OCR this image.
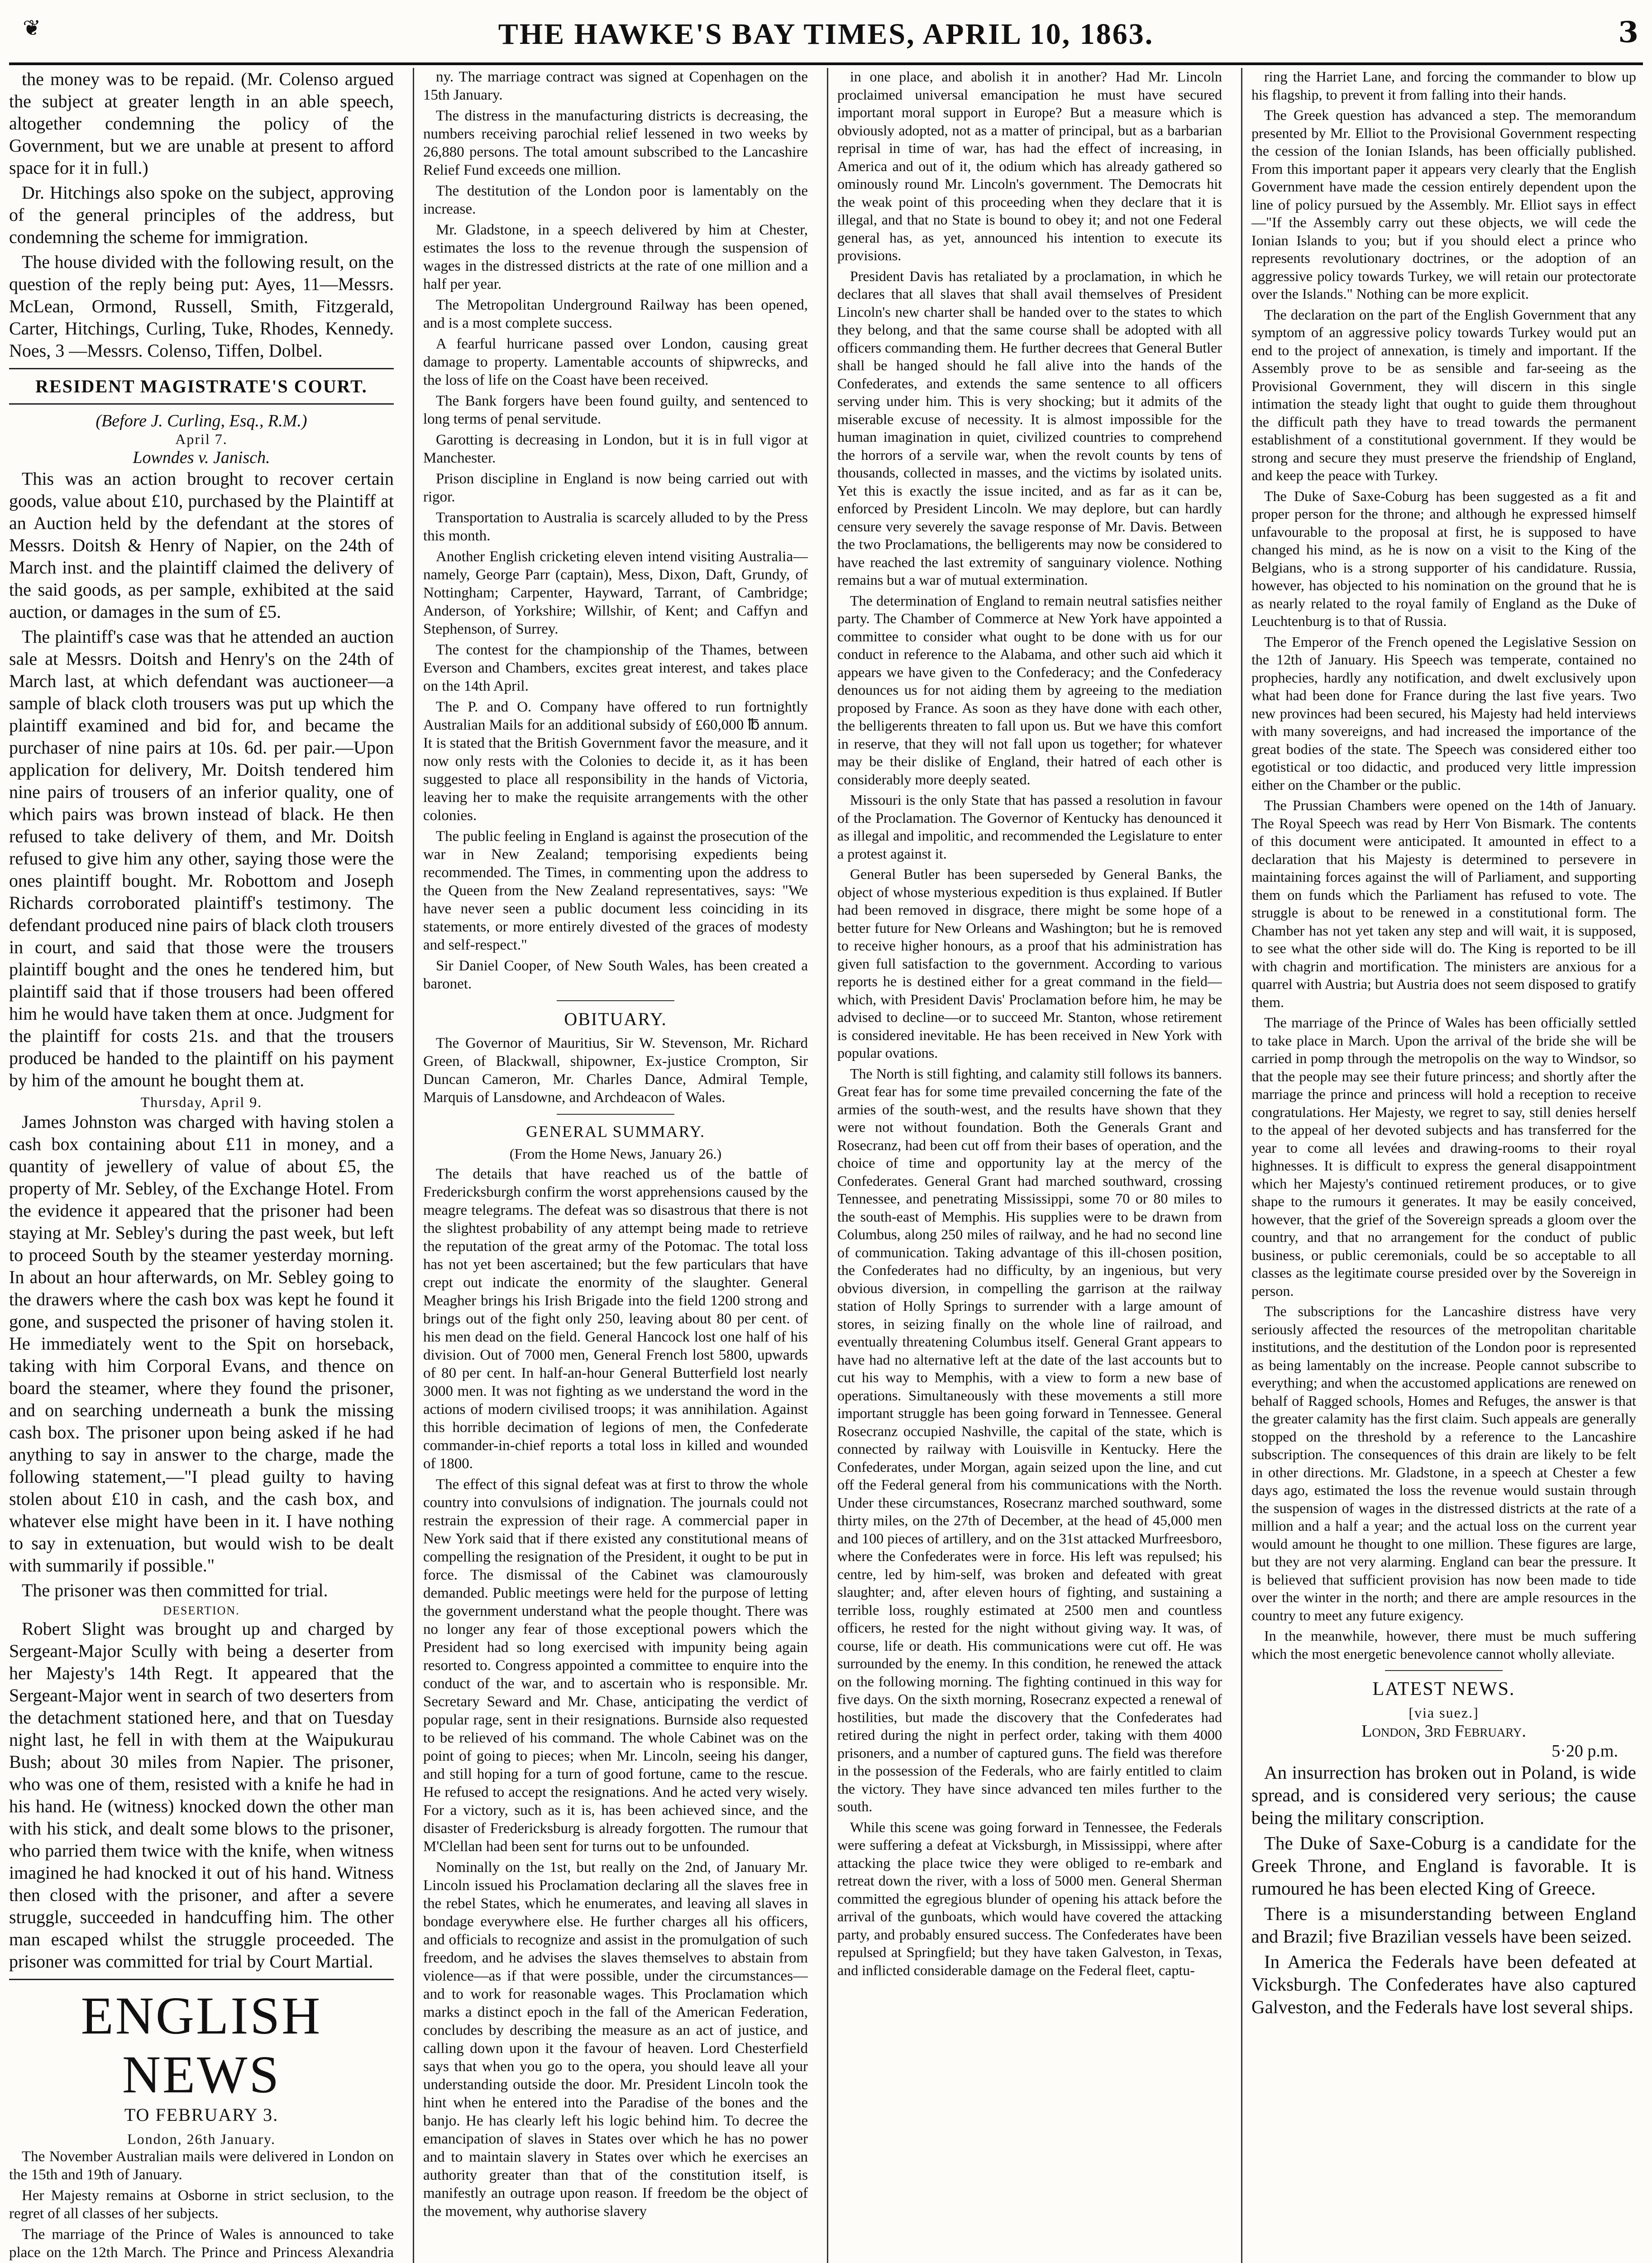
❦	THE HAWKE'S BAY TIMES, APRIL 10, 1863.	3

the money was to be repaid. (Mr. Colenso argued the subject at greater length in an able speech, altogether condemning the policy of the Government, but we are unable at present to afford space for it in full.)

Dr. Hitchings also spoke on the subject, approving of the general principles of the address, but condemning the scheme for immigration.

The house divided with the following result, on the question of the reply being put: Ayes, 11—Messrs. McLean, Ormond, Russell, Smith, Fitzgerald, Carter, Hitchings, Curling, Tuke, Rhodes, Kennedy. Noes, 3 —Messrs. Colenso, Tiffen, Dolbel.

RESIDENT MAGISTRATE'S COURT.
(Before J. Curling, Esq., R.M.)
April 7.
Lowndes v. Janisch.

This was an action brought to recover certain goods, value about £10, purchased by the Plaintiff at an Auction held by the defendant at the stores of Messrs. Doitsh & Henry of Napier, on the 24th of March inst. and the plaintiff claimed the delivery of the said goods, as per sample, exhibited at the said auction, or damages in the sum of £5.

The plaintiff's case was that he attended an auction sale at Messrs. Doitsh and Henry's on the 24th of March last, at which defendant was auctioneer—a sample of black cloth trousers was put up which the plaintiff examined and bid for, and became the purchaser of nine pairs at 10s. 6d. per pair.—Upon application for delivery, Mr. Doitsh tendered him nine pairs of trousers of an inferior quality, one of which pairs was brown instead of black. He then refused to take delivery of them, and Mr. Doitsh refused to give him any other, saying those were the ones plaintiff bought. Mr. Robottom and Joseph Richards corroborated plaintiff's testimony. The defendant produced nine pairs of black cloth trousers in court, and said that those were the trousers plaintiff bought and the ones he tendered him, but plaintiff said that if those trousers had been offered him he would have taken them at once. Judgment for the plaintiff for costs 21s. and that the trousers produced be handed to the plaintiff on his payment by him of the amount he bought them at.

Thursday, April 9.

James Johnston was charged with having stolen a cash box containing about £11 in money, and a quantity of jewellery of value of about £5, the property of Mr. Sebley, of the Exchange Hotel. From the evidence it appeared that the prisoner had been staying at Mr. Sebley's during the past week, but left to proceed South by the steamer yesterday morning. In about an hour afterwards, on Mr. Sebley going to the drawers where the cash box was kept he found it gone, and suspected the prisoner of having stolen it. He immediately went to the Spit on horseback, taking with him Corporal Evans, and thence on board the steamer, where they found the prisoner, and on searching underneath a bunk the missing cash box. The prisoner upon being asked if he had anything to say in answer to the charge, made the following statement,—"I plead guilty to having stolen about £10 in cash, and the cash box, and whatever else might have been in it. I have nothing to say in extenuation, but would wish to be dealt with summarily if possible."

The prisoner was then committed for trial.

DESERTION.

Robert Slight was brought up and charged by Sergeant-Major Scully with being a deserter from her Majesty's 14th Regt. It appeared that the Sergeant-Major went in search of two deserters from the detachment stationed here, and that on Tuesday night last, he fell in with them at the Waipukurau Bush; about 30 miles from Napier. The prisoner, who was one of them, resisted with a knife he had in his hand. He (witness) knocked down the other man with his stick, and dealt some blows to the prisoner, who parried them twice with the knife, when witness imagined he had knocked it out of his hand. Witness then closed with the prisoner, and after a severe struggle, succeeded in handcuffing him. The other man escaped whilst the struggle proceeded. The prisoner was committed for trial by Court Martial.

ENGLISH NEWS
TO FEBRUARY 3.
London, 26th January.

The November Australian mails were delivered in London on the 15th and 19th of January.

Her Majesty remains at Osborne in strict seclusion, to the regret of all classes of her subjects.

The marriage of the Prince of Wales is announced to take place on the 12th March. The Prince and Princess Alexandria

ny. The marriage contract was signed at Copenhagen on the 15th January.

The distress in the manufacturing districts is decreasing, the numbers receiving parochial relief lessened in two weeks by 26,880 persons. The total amount subscribed to the Lancashire Relief Fund exceeds one million.

The destitution of the London poor is lamentably on the increase.

Mr. Gladstone, in a speech delivered by him at Chester, estimates the loss to the revenue through the suspension of wages in the distressed districts at the rate of one million and a half per year.

The Metropolitan Underground Railway has been opened, and is a most complete success.

A fearful hurricane passed over London, causing great damage to property. Lamentable accounts of shipwrecks, and the loss of life on the Coast have been received.

The Bank forgers have been found guilty, and sentenced to long terms of penal servitude.

Garotting is decreasing in London, but it is in full vigor at Manchester.

Prison discipline in England is now being carried out with rigor.

Transportation to Australia is scarcely alluded to by the Press this month.

Another English cricketing eleven intend visiting Australia—namely, George Parr (captain), Mess, Dixon, Daft, Grundy, of Nottingham; Carpenter, Hayward, Tarrant, of Cambridge; Anderson, of Yorkshire; Willshir, of Kent; and Caffyn and Stephenson, of Surrey.

The contest for the championship of the Thames, between Everson and Chambers, excites great interest, and takes place on the 14th April.

The P. and O. Company have offered to run fortnightly Australian Mails for an additional subsidy of £60,000 ℔ annum. It is stated that the British Government favor the measure, and it now only rests with the Colonies to decide it, as it has been suggested to place all responsibility in the hands of Victoria, leaving her to make the requisite arrangements with the other colonies.

The public feeling in England is against the prosecution of the war in New Zealand; temporising expedients being recommended. The Times, in commenting upon the address to the Queen from the New Zealand representatives, says: "We have never seen a public document less coinciding in its statements, or more entirely divested of the graces of modesty and self-respect."

Sir Daniel Cooper, of New South Wales, has been created a baronet.

OBITUARY.

The Governor of Mauritius, Sir W. Stevenson, Mr. Richard Green, of Blackwall, shipowner, Ex-justice Crompton, Sir Duncan Cameron, Mr. Charles Dance, Admiral Temple, Marquis of Lansdowne, and Archdeacon of Wales.

GENERAL SUMMARY.
(From the Home News, January 26.)

The details that have reached us of the battle of Fredericksburgh confirm the worst apprehensions caused by the meagre telegrams. The defeat was so disastrous that there is not the slightest probability of any attempt being made to retrieve the reputation of the great army of the Potomac. The total loss has not yet been ascertained; but the few particulars that have crept out indicate the enormity of the slaughter. General Meagher brings his Irish Brigade into the field 1200 strong and brings out of the fight only 250, leaving about 80 per cent. of his men dead on the field. General Hancock lost one half of his division. Out of 7000 men, General French lost 5800, upwards of 80 per cent. In half-an-hour General Butterfield lost nearly 3000 men. It was not fighting as we understand the word in the actions of modern civilised troops; it was annihilation. Against this horrible decimation of legions of men, the Confederate commander-in-chief reports a total loss in killed and wounded of 1800.

The effect of this signal defeat was at first to throw the whole country into convulsions of indignation. The journals could not restrain the expression of their rage. A commercial paper in New York said that if there existed any constitutional means of compelling the resignation of the President, it ought to be put in force. The dismissal of the Cabinet was clamourously demanded. Public meetings were held for the purpose of letting the government understand what the people thought. There was no longer any fear of those exceptional powers which the President had so long exercised with impunity being again resorted to. Congress appointed a committee to enquire into the conduct of the war, and to ascertain who is responsible. Mr. Secretary Seward and Mr. Chase, anticipating the verdict of popular rage, sent in their resignations. Burnside also requested to be relieved of his command. The whole Cabinet was on the point of going to pieces; when Mr. Lincoln, seeing his danger, and still hoping for a turn of good fortune, came to the rescue. He refused to accept the resignations. And he acted very wisely. For a victory, such as it is, has been achieved since, and the disaster of Fredericksburg is already forgotten. The rumour that M'Clellan had been sent for turns out to be unfounded.

Nominally on the 1st, but really on the 2nd, of January Mr. Lincoln issued his Proclamation declaring all the slaves free in the rebel States, which he enumerates, and leaving all slaves in bondage everywhere else. He further charges all his officers, and officials to recognize and assist in the promulgation of such freedom, and he advises the slaves themselves to abstain from violence—as if that were possible, under the circumstances—and to work for reasonable wages. This Proclamation which marks a distinct epoch in the fall of the American Federation, concludes by describing the measure as an act of justice, and calling down upon it the favour of heaven. Lord Chesterfield says that when you go to the opera, you should leave all your understanding outside the door. Mr. President Lincoln took the hint when he entered into the Paradise of the bones and the banjo. He has clearly left his logic behind him. To decree the emancipation of slaves in States over which he has no power and to maintain slavery in States over which he exercises an authority greater than that of the constitution itself, is manifestly an outrage upon reason. If freedom be the object of the movement, why authorise slavery

in one place, and abolish it in another? Had Mr. Lincoln proclaimed universal emancipation he must have secured important moral support in Europe? But a measure which is obviously adopted, not as a matter of principal, but as a barbarian reprisal in time of war, has had the effect of increasing, in America and out of it, the odium which has already gathered so ominously round Mr. Lincoln's government. The Democrats hit the weak point of this proceeding when they declare that it is illegal, and that no State is bound to obey it; and not one Federal general has, as yet, announced his intention to execute its provisions.

President Davis has retaliated by a proclamation, in which he declares that all slaves that shall avail themselves of President Lincoln's new charter shall be handed over to the states to which they belong, and that the same course shall be adopted with all officers commanding them. He further decrees that General Butler shall be hanged should he fall alive into the hands of the Confederates, and extends the same sentence to all officers serving under him. This is very shocking; but it admits of the miserable excuse of necessity. It is almost impossible for the human imagination in quiet, civilized countries to comprehend the horrors of a servile war, when the revolt counts by tens of thousands, collected in masses, and the victims by isolated units. Yet this is exactly the issue incited, and as far as it can be, enforced by President Lincoln. We may deplore, but can hardly censure very severely the savage response of Mr. Davis. Between the two Proclamations, the belligerents may now be considered to have reached the last extremity of sanguinary violence. Nothing remains but a war of mutual extermination.

The determination of England to remain neutral satisfies neither party. The Chamber of Commerce at New York have appointed a committee to consider what ought to be done with us for our conduct in reference to the Alabama, and other such aid which it appears we have given to the Confederacy; and the Confederacy denounces us for not aiding them by agreeing to the mediation proposed by France. As soon as they have done with each other, the belligerents threaten to fall upon us. But we have this comfort in reserve, that they will not fall upon us together; for whatever may be their dislike of England, their hatred of each other is considerably more deeply seated.

Missouri is the only State that has passed a resolution in favour of the Proclamation. The Governor of Kentucky has denounced it as illegal and impolitic, and recommended the Legislature to enter a protest against it.

General Butler has been superseded by General Banks, the object of whose mysterious expedition is thus explained. If Butler had been removed in disgrace, there might be some hope of a better future for New Orleans and Washington; but he is removed to receive higher honours, as a proof that his administration has given full satisfaction to the government. According to various reports he is destined either for a great command in the field—which, with President Davis' Proclamation before him, he may be advised to decline—or to succeed Mr. Stanton, whose retirement is considered inevitable. He has been received in New York with popular ovations.

The North is still fighting, and calamity still follows its banners. Great fear has for some time prevailed concerning the fate of the armies of the south-west, and the results have shown that they were not without foundation. Both the Generals Grant and Rosecranz, had been cut off from their bases of operation, and the choice of time and opportunity lay at the mercy of the Confederates. General Grant had marched southward, crossing Tennessee, and penetrating Mississippi, some 70 or 80 miles to the south-east of Memphis. His supplies were to be drawn from Columbus, along 250 miles of railway, and he had no second line of communication. Taking advantage of this ill-chosen position, the Confederates had no difficulty, by an ingenious, but very obvious diversion, in compelling the garrison at the railway station of Holly Springs to surrender with a large amount of stores, in seizing finally on the whole line of railroad, and eventually threatening Columbus itself. General Grant appears to have had no alternative left at the date of the last accounts but to cut his way to Memphis, with a view to form a new base of operations. Simultaneously with these movements a still more important struggle has been going forward in Tennessee. General Rosecranz occupied Nashville, the capital of the state, which is connected by railway with Louisville in Kentucky. Here the Confederates, under Morgan, again seized upon the line, and cut off the Federal general from his communications with the North. Under these circumstances, Rosecranz marched southward, some thirty miles, on the 27th of December, at the head of 45,000 men and 100 pieces of artillery, and on the 31st attacked Murfreesboro, where the Confederates were in force. His left was repulsed; his centre, led by him-self, was broken and defeated with great slaughter; and, after eleven hours of fighting, and sustaining a terrible loss, roughly estimated at 2500 men and countless officers, he rested for the night without giving way. It was, of course, life or death. His communications were cut off. He was surrounded by the enemy. In this condition, he renewed the attack on the following morning. The fighting continued in this way for five days. On the sixth morning, Rosecranz expected a renewal of hostilities, but made the discovery that the Confederates had retired during the night in perfect order, taking with them 4000 prisoners, and a number of captured guns. The field was therefore in the possession of the Federals, who are fairly entitled to claim the victory. They have since advanced ten miles further to the south.

While this scene was going forward in Tennessee, the Federals were suffering a defeat at Vicksburgh, in Mississippi, where after attacking the place twice they were obliged to re-embark and retreat down the river, with a loss of 5000 men. General Sherman committed the egregious blunder of opening his attack before the arrival of the gunboats, which would have covered the attacking party, and probably ensured success. The Confederates have been repulsed at Springfield; but they have taken Galveston, in Texas, and inflicted considerable damage on the Federal fleet, captu-

ring the Harriet Lane, and forcing the commander to blow up his flagship, to prevent it from falling into their hands.

The Greek question has advanced a step. The memorandum presented by Mr. Elliot to the Provisional Government respecting the cession of the Ionian Islands, has been officially published. From this important paper it appears very clearly that the English Government have made the cession entirely dependent upon the line of policy pursued by the Assembly. Mr. Elliot says in effect—"If the Assembly carry out these objects, we will cede the Ionian Islands to you; but if you should elect a prince who represents revolutionary doctrines, or the adoption of an aggressive policy towards Turkey, we will retain our protectorate over the Islands." Nothing can be more explicit.

The declaration on the part of the English Government that any symptom of an aggressive policy towards Turkey would put an end to the project of annexation, is timely and important. If the Assembly prove to be as sensible and far-seeing as the Provisional Government, they will discern in this single intimation the steady light that ought to guide them throughout the difficult path they have to tread towards the permanent establishment of a constitutional government. If they would be strong and secure they must preserve the friendship of England, and keep the peace with Turkey.

The Duke of Saxe-Coburg has been suggested as a fit and proper person for the throne; and although he expressed himself unfavourable to the proposal at first, he is supposed to have changed his mind, as he is now on a visit to the King of the Belgians, who is a strong supporter of his candidature. Russia, however, has objected to his nomination on the ground that he is as nearly related to the royal family of England as the Duke of Leuchtenburg is to that of Russia.

The Emperor of the French opened the Legislative Session on the 12th of January. His Speech was temperate, contained no prophecies, hardly any notification, and dwelt exclusively upon what had been done for France during the last five years. Two new provinces had been secured, his Majesty had held interviews with many sovereigns, and had increased the importance of the great bodies of the state. The Speech was considered either too egotistical or too didactic, and produced very little impression either on the Chamber or the public.

The Prussian Chambers were opened on the 14th of January. The Royal Speech was read by Herr Von Bismark. The contents of this document were anticipated. It amounted in effect to a declaration that his Majesty is determined to persevere in maintaining forces against the will of Parliament, and supporting them on funds which the Parliament has refused to vote. The struggle is about to be renewed in a constitutional form. The Chamber has not yet taken any step and will wait, it is supposed, to see what the other side will do. The King is reported to be ill with chagrin and mortification. The ministers are anxious for a quarrel with Austria; but Austria does not seem disposed to gratify them.

The marriage of the Prince of Wales has been officially settled to take place in March. Upon the arrival of the bride she will be carried in pomp through the metropolis on the way to Windsor, so that the people may see their future princess; and shortly after the marriage the prince and princess will hold a reception to receive congratulations. Her Majesty, we regret to say, still denies herself to the appeal of her devoted subjects and has transferred for the year to come all levées and drawing-rooms to their royal highnesses. It is difficult to express the general disappointment which her Majesty's continued retirement produces, or to give shape to the rumours it generates. It may be easily conceived, however, that the grief of the Sovereign spreads a gloom over the country, and that no arrangement for the conduct of public business, or public ceremonials, could be so acceptable to all classes as the legitimate course presided over by the Sovereign in person.

The subscriptions for the Lancashire distress have very seriously affected the resources of the metropolitan charitable institutions, and the destitution of the London poor is represented as being lamentably on the increase. People cannot subscribe to everything; and when the accustomed applications are renewed on behalf of Ragged schools, Homes and Refuges, the answer is that the greater calamity has the first claim. Such appeals are generally stopped on the threshold by a reference to the Lancashire subscription. The consequences of this drain are likely to be felt in other directions. Mr. Gladstone, in a speech at Chester a few days ago, estimated the loss the revenue would sustain through the suspension of wages in the distressed districts at the rate of a million and a half a year; and the actual loss on the current year would amount he thought to one million. These figures are large, but they are not very alarming. England can bear the pressure. It is believed that sufficient provision has now been made to tide over the winter in the north; and there are ample resources in the country to meet any future exigency.

In the meanwhile, however, there must be much suffering which the most energetic benevolence cannot wholly alleviate.

LATEST NEWS.
[via suez.]
London, 3rd February.
5·20 p.m.

An insurrection has broken out in Poland, is wide spread, and is considered very serious; the cause being the military conscription.

The Duke of Saxe-Coburg is a candidate for the Greek Throne, and England is favorable. It is rumoured he has been elected King of Greece.

There is a misunderstanding between England and Brazil; five Brazilian vessels have been seized.

In America the Federals have been defeated at Vicksburgh. The Confederates have also captured Galveston, and the Federals have lost several ships.
